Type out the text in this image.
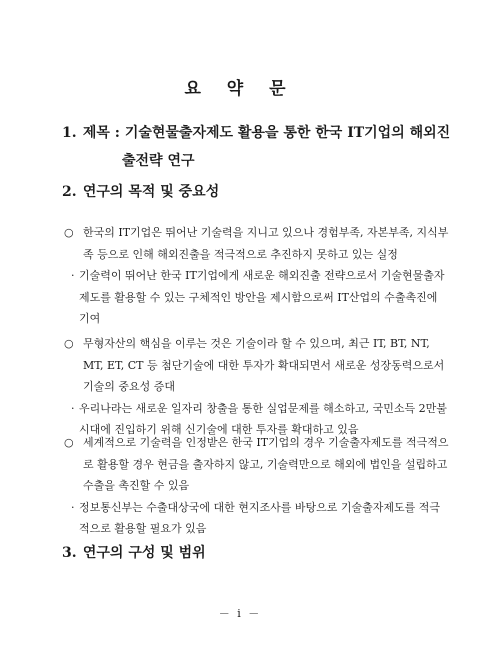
요 약 문
1. 제목 : 기술현물출자제도 활용을 통한 한국 IT기업의 해외진
출전략 연구
2. 연구의 목적 및 중요성
○ 한국의 IT기업은 뛰어난 기술력을 지니고 있으나 경험부족, 자본부족, 지식부
족 등으로 인해 해외진출을 적극적으로 추진하지 못하고 있는 실정
· 기술력이 뛰어난 한국 IT기업에게 새로운 해외진출 전략으로서 기술현물출자
제도를 활용할 수 있는 구체적인 방안을 제시함으로써 IT산업의 수출촉진에
기여
○ 무형자산의 핵심을 이루는 것은 기술이라 할 수 있으며, 최근 IT, BT, NT,
MT, ET, CT 등 첨단기술에 대한 투자가 확대되면서 새로운 성장동력으로서
기술의 중요성 증대
· 우리나라는 새로운 일자리 창출을 통한 실업문제를 해소하고, 국민소득 2만불
시대에 진입하기 위해 신기술에 대한 투자를 확대하고 있음
○ 세계적으로 기술력을 인정받은 한국 IT기업의 경우 기술출자제도를 적극적으
로 활용할 경우 현금을 출자하지 않고, 기술력만으로 해외에 법인을 설립하고
수출을 촉진할 수 있음
· 정보통신부는 수출대상국에 대한 현지조사를 바탕으로 기술출자제도를 적극
적으로 활용할 필요가 있음
3. 연구의 구성 및 범위
－ ⅰ －
